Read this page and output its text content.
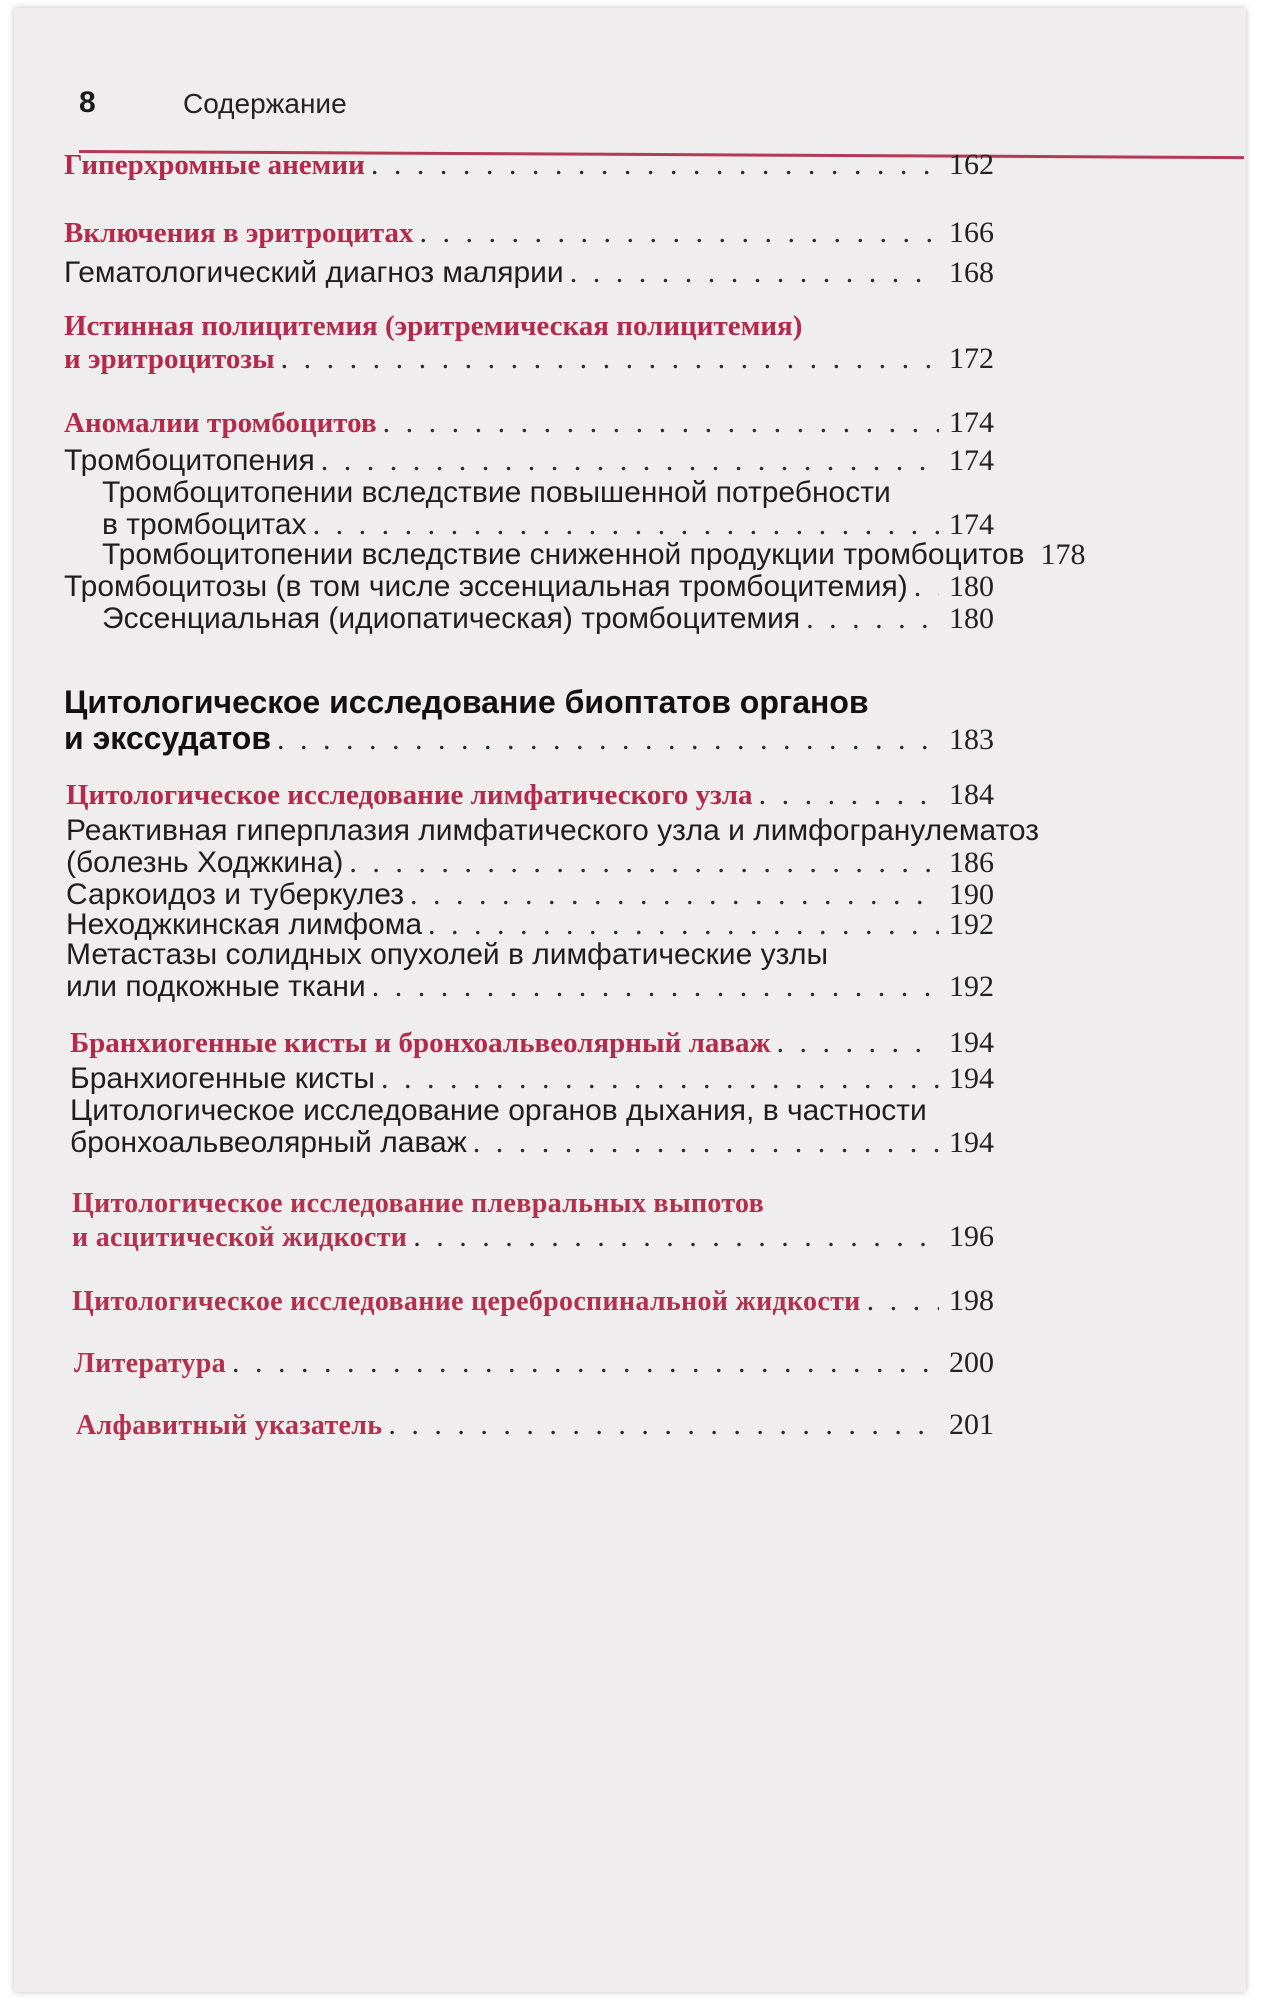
8	Содержание
Гиперхромные анемии . . .	162
Включения в эритроцитах . . .	166
Гематологический диагноз малярии . . .	168
Истинная полицитемия (эритремическая полицитемия)
и эритроцитозы . . .	172
Аномалии тромбоцитов . . .	174
Тромбоцитопения . . .	174
Тромбоцитопении вследствие повышенной потребности
в тромбоцитах . . .	174
Тромбоцитопении вследствие сниженной продукции тромбоцитов 178
Тромбоцитозы (в том числе эссенциальная тромбоцитемия) . . . 180
Эссенциальная (идиопатическая) тромбоцитемия . . .	180
Цитологическое исследование биоптатов органов
и экссудатов . . .	183
Цитологическое исследование лимфатического узла . . .	184
Реактивная гиперплазия лимфатического узла и лимфогранулематоз
(болезнь Ходжкина) . . .	186
Саркоидоз и туберкулез . . .	190
Неходжкинская лимфома . . .	192
Метастазы солидных опухолей в лимфатические узлы
или подкожные ткани . . .	192
Бранхиогенные кисты и бронхоальвеолярный лаваж . . .	194
Бранхиогенные кисты . . .	194
Цитологическое исследование органов дыхания, в частности
бронхоальвеолярный лаваж . . .	194
Цитологическое исследование плевральных выпотов
и асцитической жидкости . . .	196
Цитологическое исследование цереброспинальной жидкости . . .	198
Литература . . .	200
Алфавитный указатель . . .	201
